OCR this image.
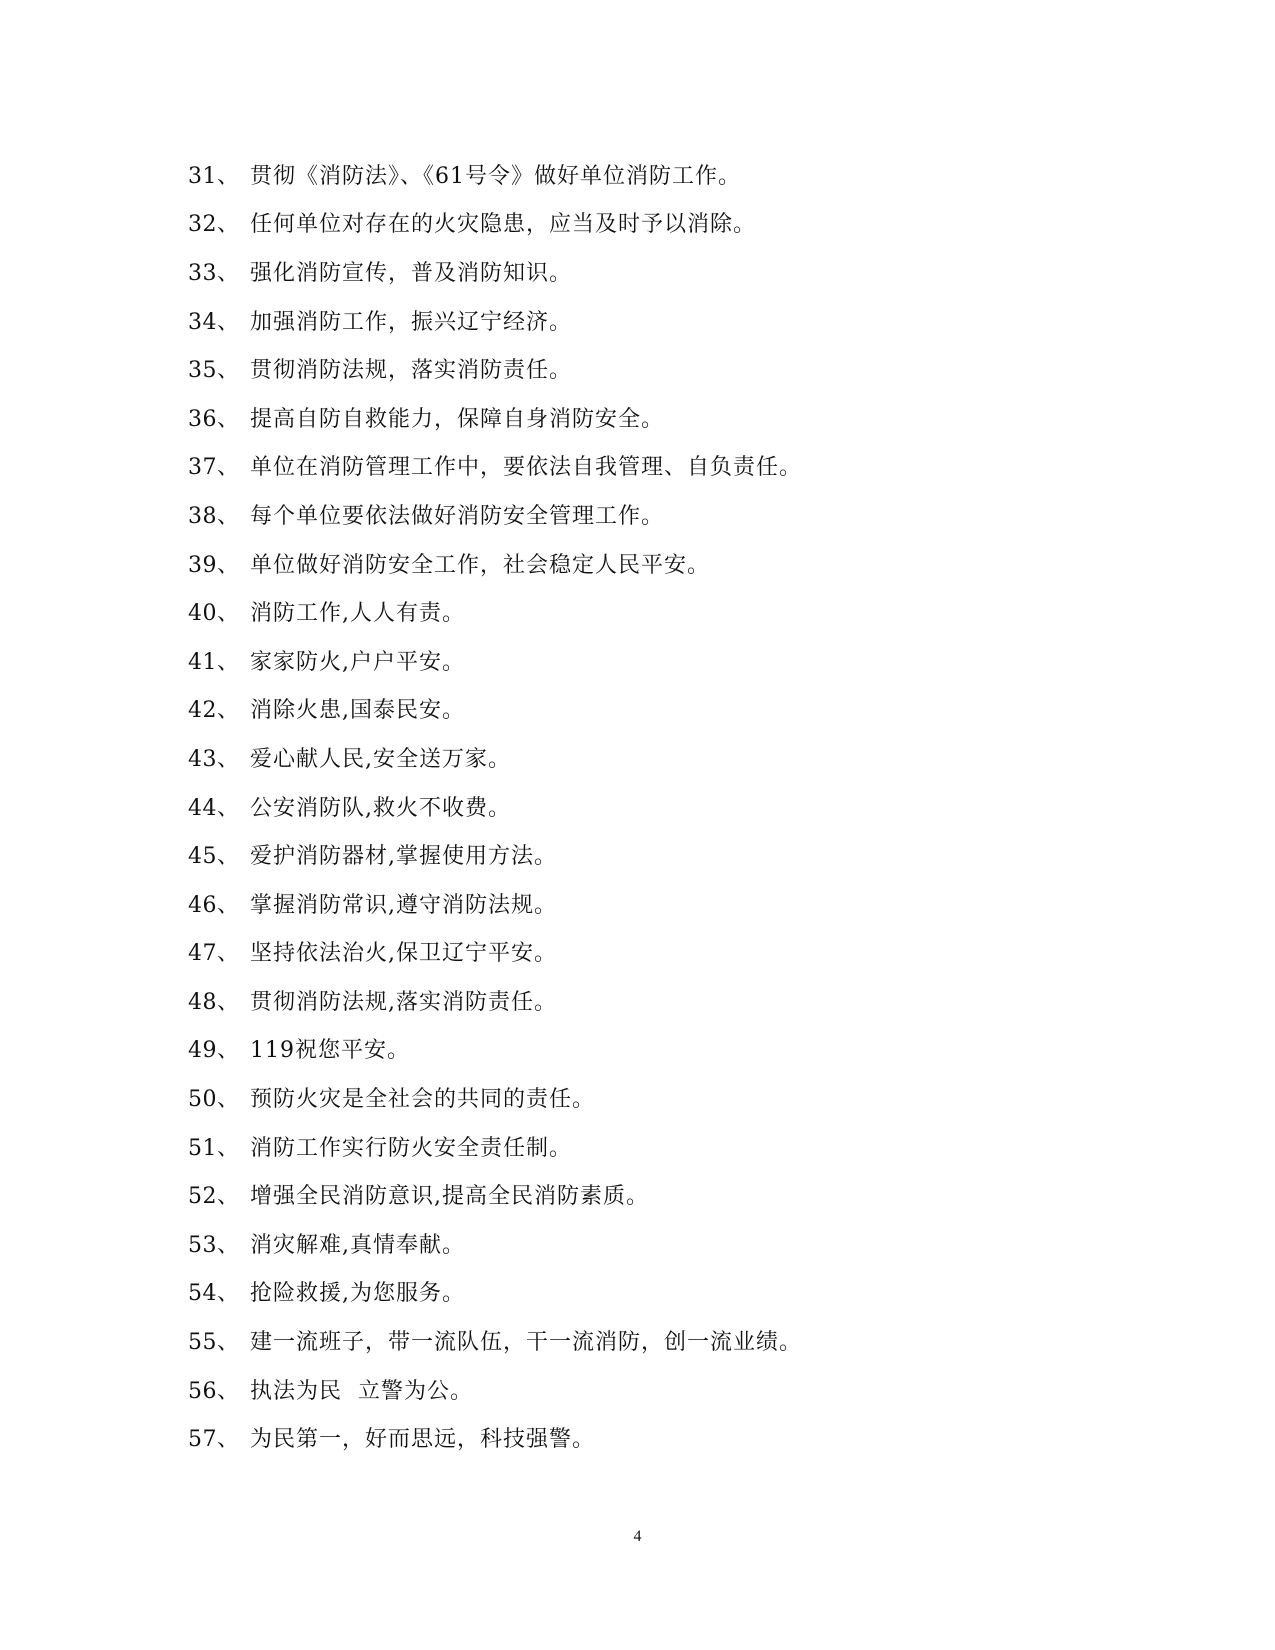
31、 贯彻《消防法》、《61号令》做好单位消防工作。
32、 任何单位对存在的火灾隐患，应当及时予以消除。
33、 强化消防宣传，普及消防知识。
34、 加强消防工作，振兴辽宁经济。
35、 贯彻消防法规，落实消防责任。
36、 提高自防自救能力，保障自身消防安全。
37、 单位在消防管理工作中，要依法自我管理、自负责任。
38、 每个单位要依法做好消防安全管理工作。
39、 单位做好消防安全工作，社会稳定人民平安。
40、 消防工作,人人有责。
41、 家家防火,户户平安。
42、 消除火患,国泰民安。
43、 爱心献人民,安全送万家。
44、 公安消防队,救火不收费。
45、 爱护消防器材,掌握使用方法。
46、 掌握消防常识,遵守消防法规。
47、 坚持依法治火,保卫辽宁平安。
48、 贯彻消防法规,落实消防责任。
49、 119祝您平安。
50、 预防火灾是全社会的共同的责任。
51、 消防工作实行防火安全责任制。
52、 增强全民消防意识,提高全民消防素质。
53、 消灾解难,真情奉献。
54、 抢险救援,为您服务。
55、 建一流班子，带一流队伍，干一流消防，创一流业绩。
56、 执法为民  立警为公。
57、 为民第一，好而思远，科技强警。
4
